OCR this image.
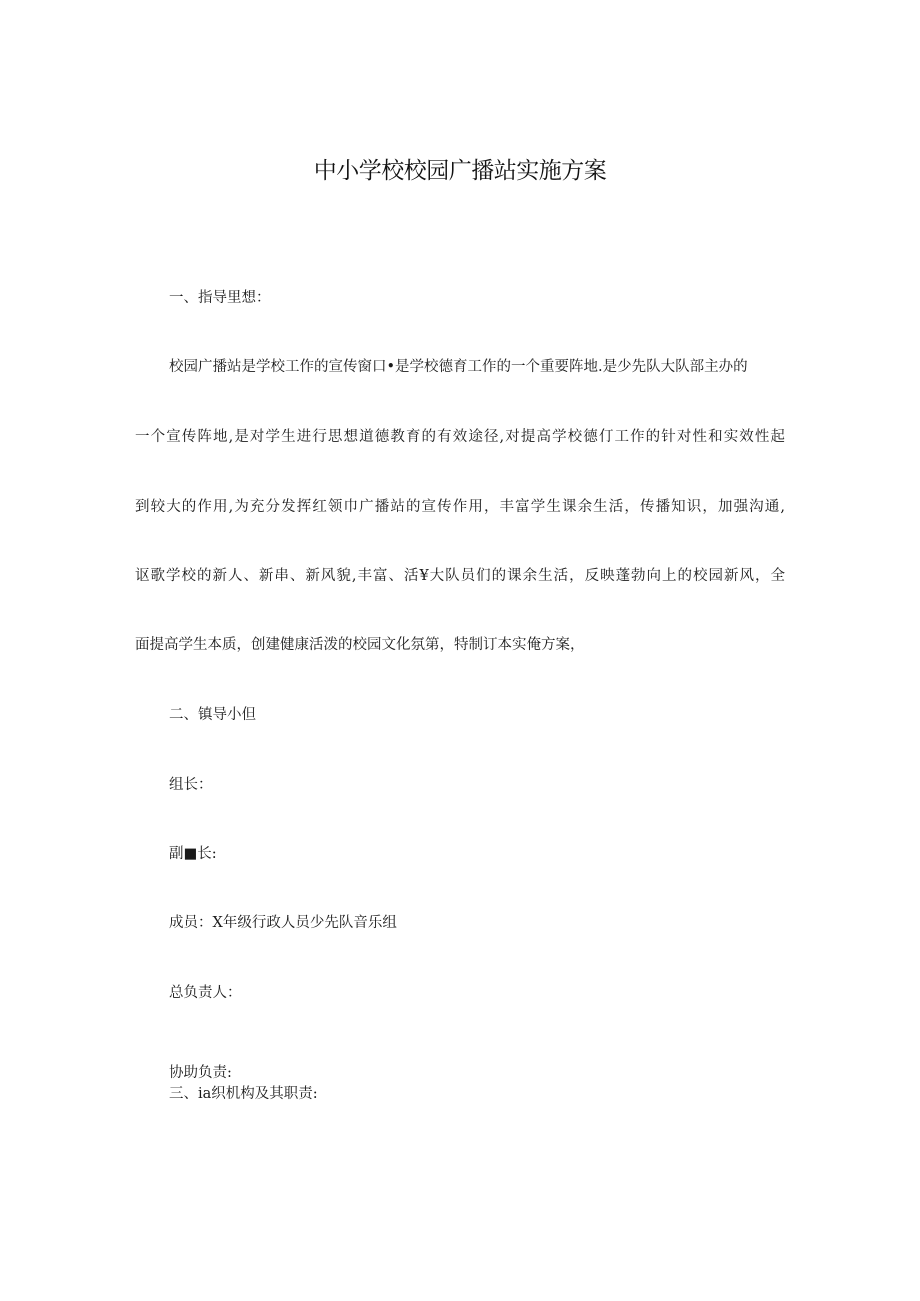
中小学校校园广播站实施方案
一、指导里想：
校园广播站是学校工作的宣传窗口•是学校德育工作的一个重要阵地.是少先队大队部主办的
一个宣传阵地,是对学生进行思想道德教育的有效途径,对提高学校德仃工作的针对性和实效性起
到较大的作用,为充分发挥红领巾广播站的宣传作用，丰富学生课余生活，传播知识，加强沟通,
讴歌学校的新人、新串、新风貌,丰富、活¥大队员们的课余生活，反映蓬勃向上的校园新风，全
面提高学生本质，创建健康活泼的校园文化氛第，特制订本实俺方案，
二、镇导小但
组长：
副■长:
成员：X年级行政人员少先队音乐组
总负责人：
协助负责:
三、ia织机构及其职责:
